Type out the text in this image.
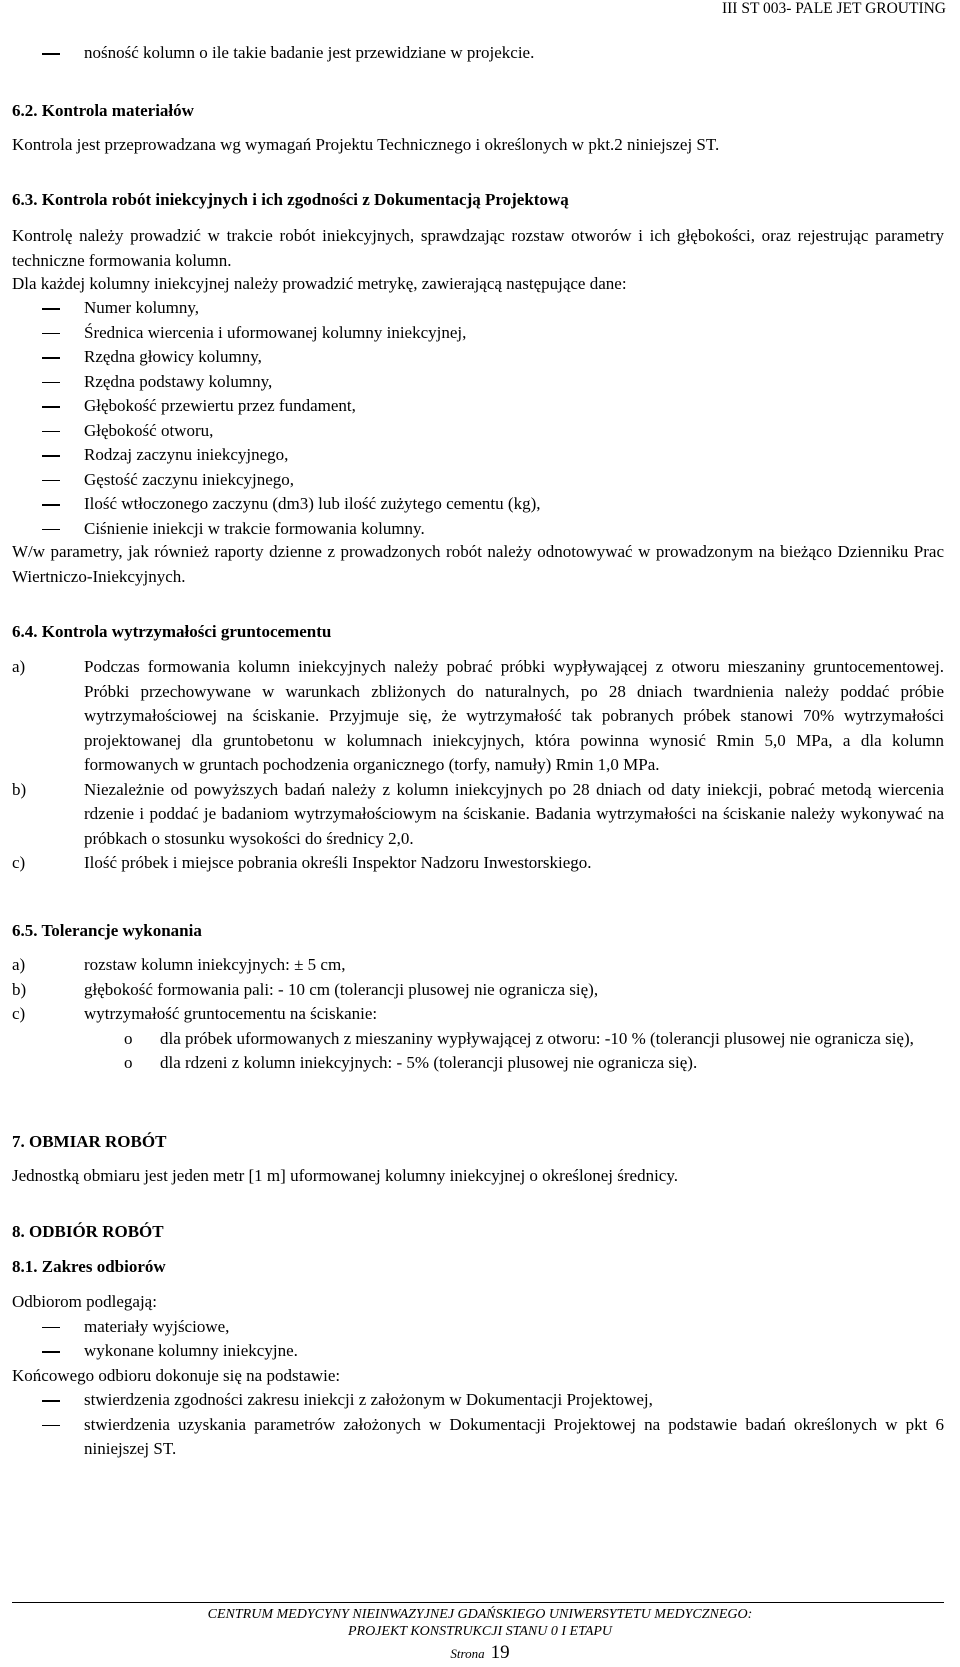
III ST 003- PALE JET GROUTING
nośność kolumn o ile takie badanie jest przewidziane w projekcie.
6.2. Kontrola materiałów
Kontrola jest przeprowadzana wg wymagań Projektu Technicznego i określonych w pkt.2 niniejszej ST.
6.3. Kontrola robót iniekcyjnych i ich zgodności z Dokumentacją Projektową
Kontrolę należy prowadzić w trakcie robót iniekcyjnych, sprawdzając rozstaw otworów i ich głębokości, oraz rejestrując parametry techniczne formowania kolumn.
Dla każdej kolumny iniekcyjnej należy prowadzić metrykę, zawierającą następujące dane:
Numer kolumny,
Średnica wiercenia i uformowanej kolumny iniekcyjnej,
Rzędna głowicy kolumny,
Rzędna podstawy kolumny,
Głębokość przewiertu przez fundament,
Głębokość otworu,
Rodzaj zaczynu iniekcyjnego,
Gęstość zaczynu iniekcyjnego,
Ilość wtłoczonego zaczynu (dm3) lub ilość zużytego cementu (kg),
Ciśnienie iniekcji w trakcie formowania kolumny.
W/w parametry, jak również raporty dzienne z prowadzonych robót należy odnotowywać w prowadzonym na bieżąco Dzienniku Prac Wiertniczo-Iniekcyjnych.
6.4. Kontrola wytrzymałości gruntocementu
a)	Podczas formowania kolumn iniekcyjnych należy pobrać próbki wypływającej z otworu mieszaniny gruntocementowej. Próbki przechowywane w warunkach zbliżonych do naturalnych, po 28 dniach twardnienia należy poddać próbie wytrzymałościowej na ściskanie. Przyjmuje się, że wytrzymałość tak pobranych próbek stanowi 70% wytrzymałości projektowanej dla gruntobetonu w kolumnach iniekcyjnych, która powinna wynosić Rmin 5,0 MPa, a dla kolumn formowanych w gruntach pochodzenia organicznego (torfy, namuły) Rmin 1,0 MPa.
b)	Niezależnie od powyższych badań należy z kolumn iniekcyjnych po 28 dniach od daty iniekcji, pobrać metodą wiercenia rdzenie i poddać je badaniom wytrzymałościowym na ściskanie. Badania wytrzymałości na ściskanie należy wykonywać na próbkach o stosunku wysokości do średnicy 2,0.
c)	Ilość próbek i miejsce pobrania określi Inspektor Nadzoru Inwestorskiego.
6.5. Tolerancje wykonania
a)	rozstaw kolumn iniekcyjnych: ± 5 cm,
b)	głębokość formowania pali: - 10 cm (tolerancji plusowej nie ogranicza się),
c)	wytrzymałość gruntocementu na ściskanie:
o dla próbek uformowanych z mieszaniny wypływającej z otworu: -10 % (tolerancji plusowej nie ogranicza się),
o dla rdzeni z kolumn iniekcyjnych: - 5% (tolerancji plusowej nie ogranicza się).
7. OBMIAR ROBÓT
Jednostką obmiaru jest jeden metr [1 m] uformowanej kolumny iniekcyjnej o określonej średnicy.
8. ODBIÓR ROBÓT
8.1. Zakres odbiorów
Odbiorom podlegają:
materiały wyjściowe,
wykonane kolumny iniekcyjne.
Końcowego odbioru dokonuje się na podstawie:
stwierdzenia zgodności zakresu iniekcji z założonym w Dokumentacji Projektowej,
stwierdzenia uzyskania parametrów założonych w Dokumentacji Projektowej na podstawie badań określonych w pkt 6 niniejszej ST.
CENTRUM MEDYCYNY NIEINWAZYJNEJ GDAŃSKIEGO UNIWERSYTETU MEDYCZNEGO:
PROJEKT KONSTRUKCJI STANU 0 I ETAPU
Strona 19
